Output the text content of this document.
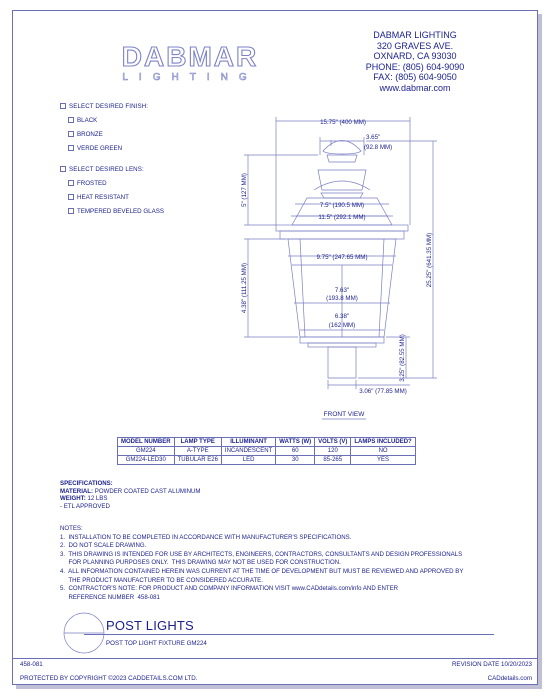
DABMAR
LIGHTING
DABMAR LIGHTING
320 GRAVES AVE.
OXNARD, CA 93030
PHONE: (805) 604-9090
FAX: (805) 604-9050
www.dabmar.com
SELECT DESIRED FINISH:
BLACK
BRONZE
VERDE GREEN
SELECT DESIRED LENS:
FROSTED
HEAT RESISTANT
TEMPERED BEVELED GLASS
15.75" (400 MM)
3.65"
(92.8 MM)
7.5" (190.5 MM)
11.5" (292.1 MM)
9.75" (247.65 MM)
7.63"
(193.8 MM)
6.38"
(162 MM)
3.06" (77.85 MM)
5" (127 MM)
4.38" (111.25 MM)
25.25" (641.35 MM)
3.25" (82.55 MM)
FRONT VIEW
MODEL NUMBER	LAMP TYPE	ILLUMINANT	WATTS (W)	VOLTS (V)	LAMPS INCLUDED?
GM224	A-TYPE	INCANDESCENT	60	120	NO
GM224-LED30	TUBULAR E26	LED	30	85-265	YES
SPECIFICATIONS:
MATERIAL: POWDER COATED CAST ALUMINUM
WEIGHT: 12 LBS
- ETL APPROVED
NOTES:
1.  INSTALLATION TO BE COMPLETED IN ACCORDANCE WITH MANUFACTURER'S SPECIFICATIONS.
2.  DO NOT SCALE DRAWING.
3.  THIS DRAWING IS INTENDED FOR USE BY ARCHITECTS, ENGINEERS, CONTRACTORS, CONSULTANTS AND DESIGN PROFESSIONALS
FOR PLANNING PURPOSES ONLY.  THIS DRAWING MAY NOT BE USED FOR CONSTRUCTION.
4.  ALL INFORMATION CONTAINED HEREIN WAS CURRENT AT THE TIME OF DEVELOPMENT BUT MUST BE REVIEWED AND APPROVED BY
THE PRODUCT MANUFACTURER TO BE CONSIDERED ACCURATE.
5.  CONTRACTOR'S NOTE: FOR PRODUCT AND COMPANY INFORMATION VISIT www.CADdetails.com/info AND ENTER
REFERENCE NUMBER  458-081
POST LIGHTS
POST TOP LIGHT FIXTURE GM224
458-081	REVISION DATE 10/20/2023
PROTECTED BY COPYRIGHT ©2023 CADDETAILS.COM LTD.	CADdetails.com
